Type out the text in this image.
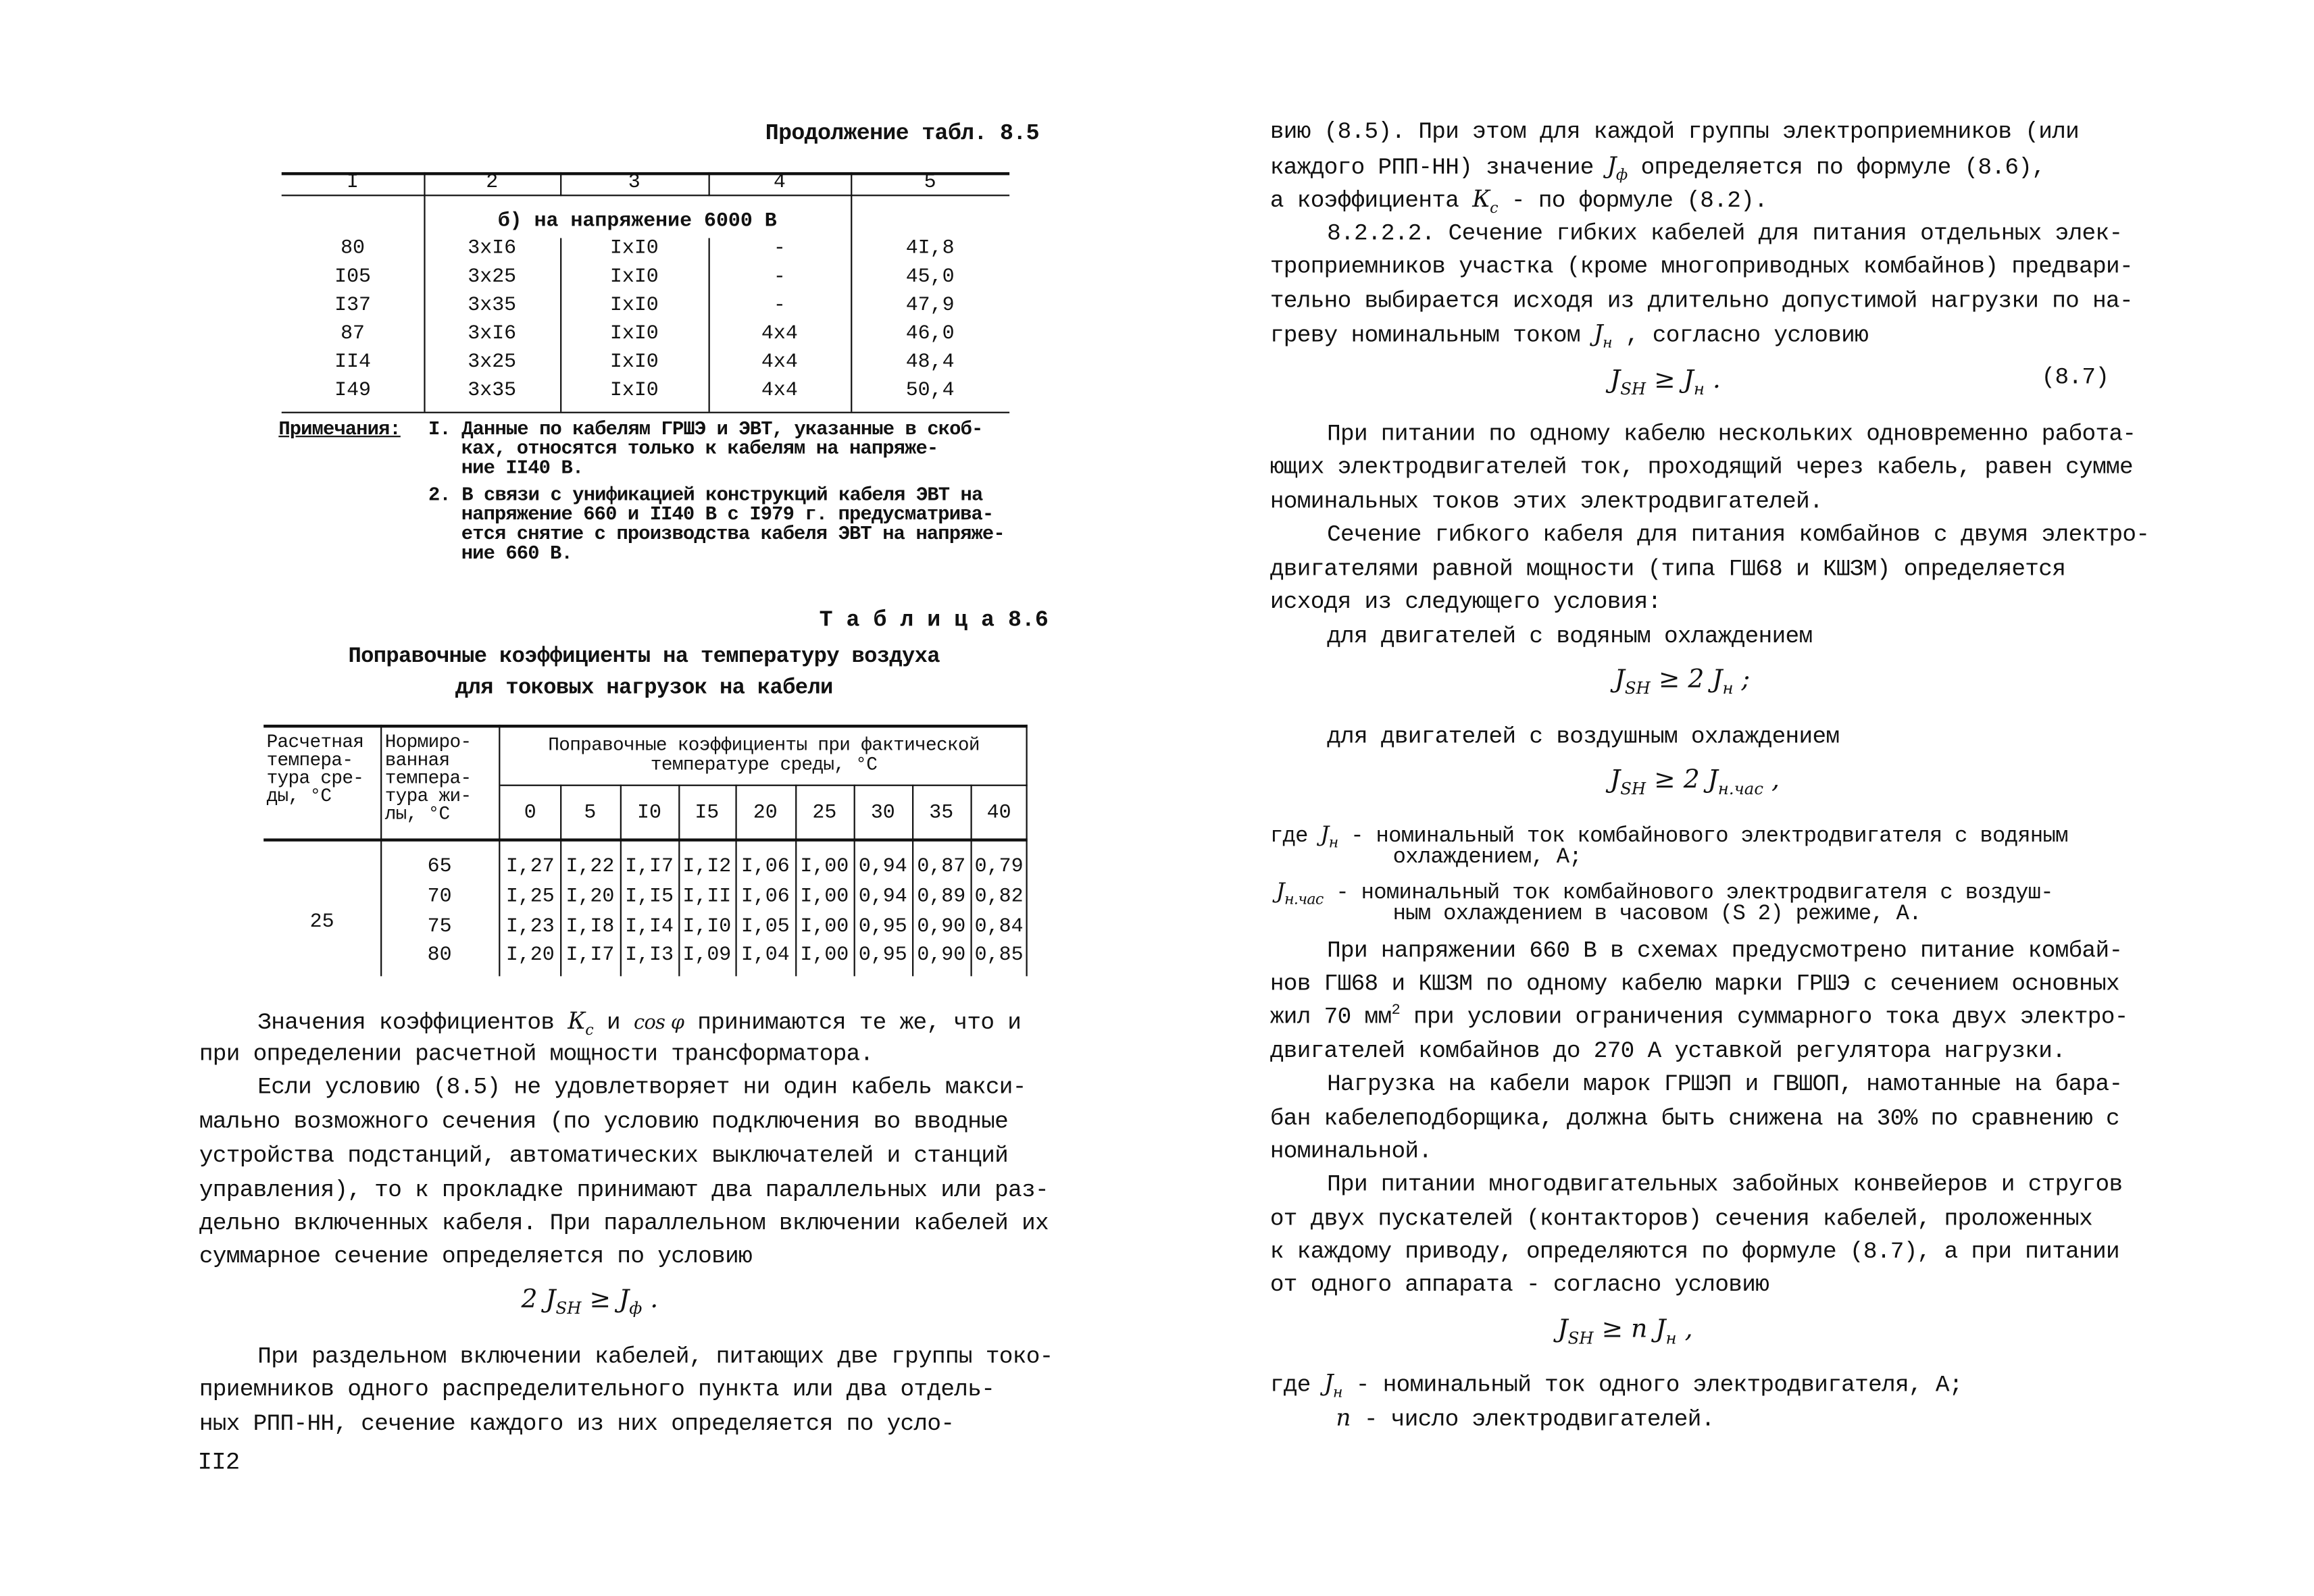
Продолжение табл. 8.5
I	2	3	4	5
б) на напряжение 6000 В
80	3xI6	IxI0	-	4I,8
I05	3x25	IxI0	-	45,0
I37	3x35	IxI0	-	47,9
87	3xI6	IxI0	4x4	46,0
II4	3x25	IxI0	4x4	48,4
I49	3x35	IxI0	4x4	50,4
Примечания:	I. Данные по кабелям ГРШЭ и ЭВТ, указанные в скоб-
ках, относятся только к кабелям на напряже-
ние II40 В.
2. В связи с унификацией конструкций кабеля ЭВТ на
напряжение 660 и II40 В с I979 г. предусматрива-
ется снятие с производства кабеля ЭВТ на напряже-
ние 660 В.
Т а б л и ц а 8.6
Поправочные коэффициенты на температуру воздуха
для токовых нагрузок на кабели
Расчетная
темпера-
тура сре-
ды, °С
Нормиро-
ванная
темпера-
тура жи-
лы, °С
Поправочные коэффициенты при фактической
температуре среды, °С
0	5	I0	I5	20	25	30	35	40
25
65	I,27	I,22	I,I7	I,I2	I,06	I,00	0,94	0,87	0,79
70	I,25	I,20	I,I5	I,II	I,06	I,00	0,94	0,89	0,82
75	I,23	I,I8	I,I4	I,I0	I,05	I,00	0,95	0,90	0,84
80	I,20	I,I7	I,I3	I,09	I,04	I,00	0,95	0,90	0,85
Значения коэффициентов $К_с$ и cos φ принимаются те же, что и
при определении расчетной мощности трансформатора.
Если условию (8.5) не удовлетворяет ни один кабель макси-
мально возможного сечения (по условию подключения во вводные
устройства подстанций, автоматических выключателей и станций
управления), то к прокладке принимают два параллельных или раз-
дельно включенных кабеля. При параллельном включении кабелей их
суммарное сечение определяется по условию
2 $J_{SH} \ge J_ф$ .
При раздельном включении кабелей, питающих две группы токо-
приемников одного распределительного пункта или два отдель-
ных РПП-НН, сечение каждого из них определяется по усло-
II2
вию (8.5). При этом для каждой группы электроприемников (или
каждого РПП-НН) значение $J_ф$ определяется по формуле (8.6),
а коэффициента $К_с$ - по формуле (8.2).
8.2.2.2. Сечение гибких кабелей для питания отдельных элек-
троприемников участка (кроме многоприводных комбайнов) предвари-
тельно выбирается исходя из длительно допустимой нагрузки по на-
греву номинальным током $J_н$ , согласно условию
$J_{SH} \ge J_н$ .	(8.7)
При питании по одному кабелю нескольких одновременно работа-
ющих электродвигателей ток, проходящий через кабель, равен сумме
номинальных токов этих электродвигателей.
Сечение гибкого кабеля для питания комбайнов с двумя электро-
двигателями равной мощности (типа ГШ68 и КШЗМ) определяется
исходя из следующего условия:
для двигателей с водяным охлаждением
$J_{SH} \ge 2$ $J_н$ ;
для двигателей с воздушным охлаждением
$J_{SH} \ge 2$ $J_{н.час}$ ,
где $J_н$ - номинальный ток комбайнового электродвигателя с водяным
охлаждением, А;
$J_{н.час}$ - номинальный ток комбайнового электродвигателя с воздуш-
ным охлаждением в часовом (S 2) режиме, А.
При напряжении 660 В в схемах предусмотрено питание комбай-
нов ГШ68 и КШЗМ по одному кабелю марки ГРШЭ с сечением основных
жил 70 $мм^2$ при условии ограничения суммарного тока двух электро-
двигателей комбайнов до 270 А уставкой регулятора нагрузки.
Нагрузка на кабели марок ГРШЭП и ГВШОП, намотанные на бара-
бан кабелеподборщика, должна быть снижена на 30% по сравнению с
номинальной.
При питании многодвигательных забойных конвейеров и стругов
от двух пускателей (контакторов) сечения кабелей, проложенных
к каждому приводу, определяются по формуле (8.7), а при питании
от одного аппарата - согласно условию
$J_{SH} \ge n$ $J_н$ ,
где $J_н$ - номинальный ток одного электродвигателя, А;
n - число электродвигателей.
